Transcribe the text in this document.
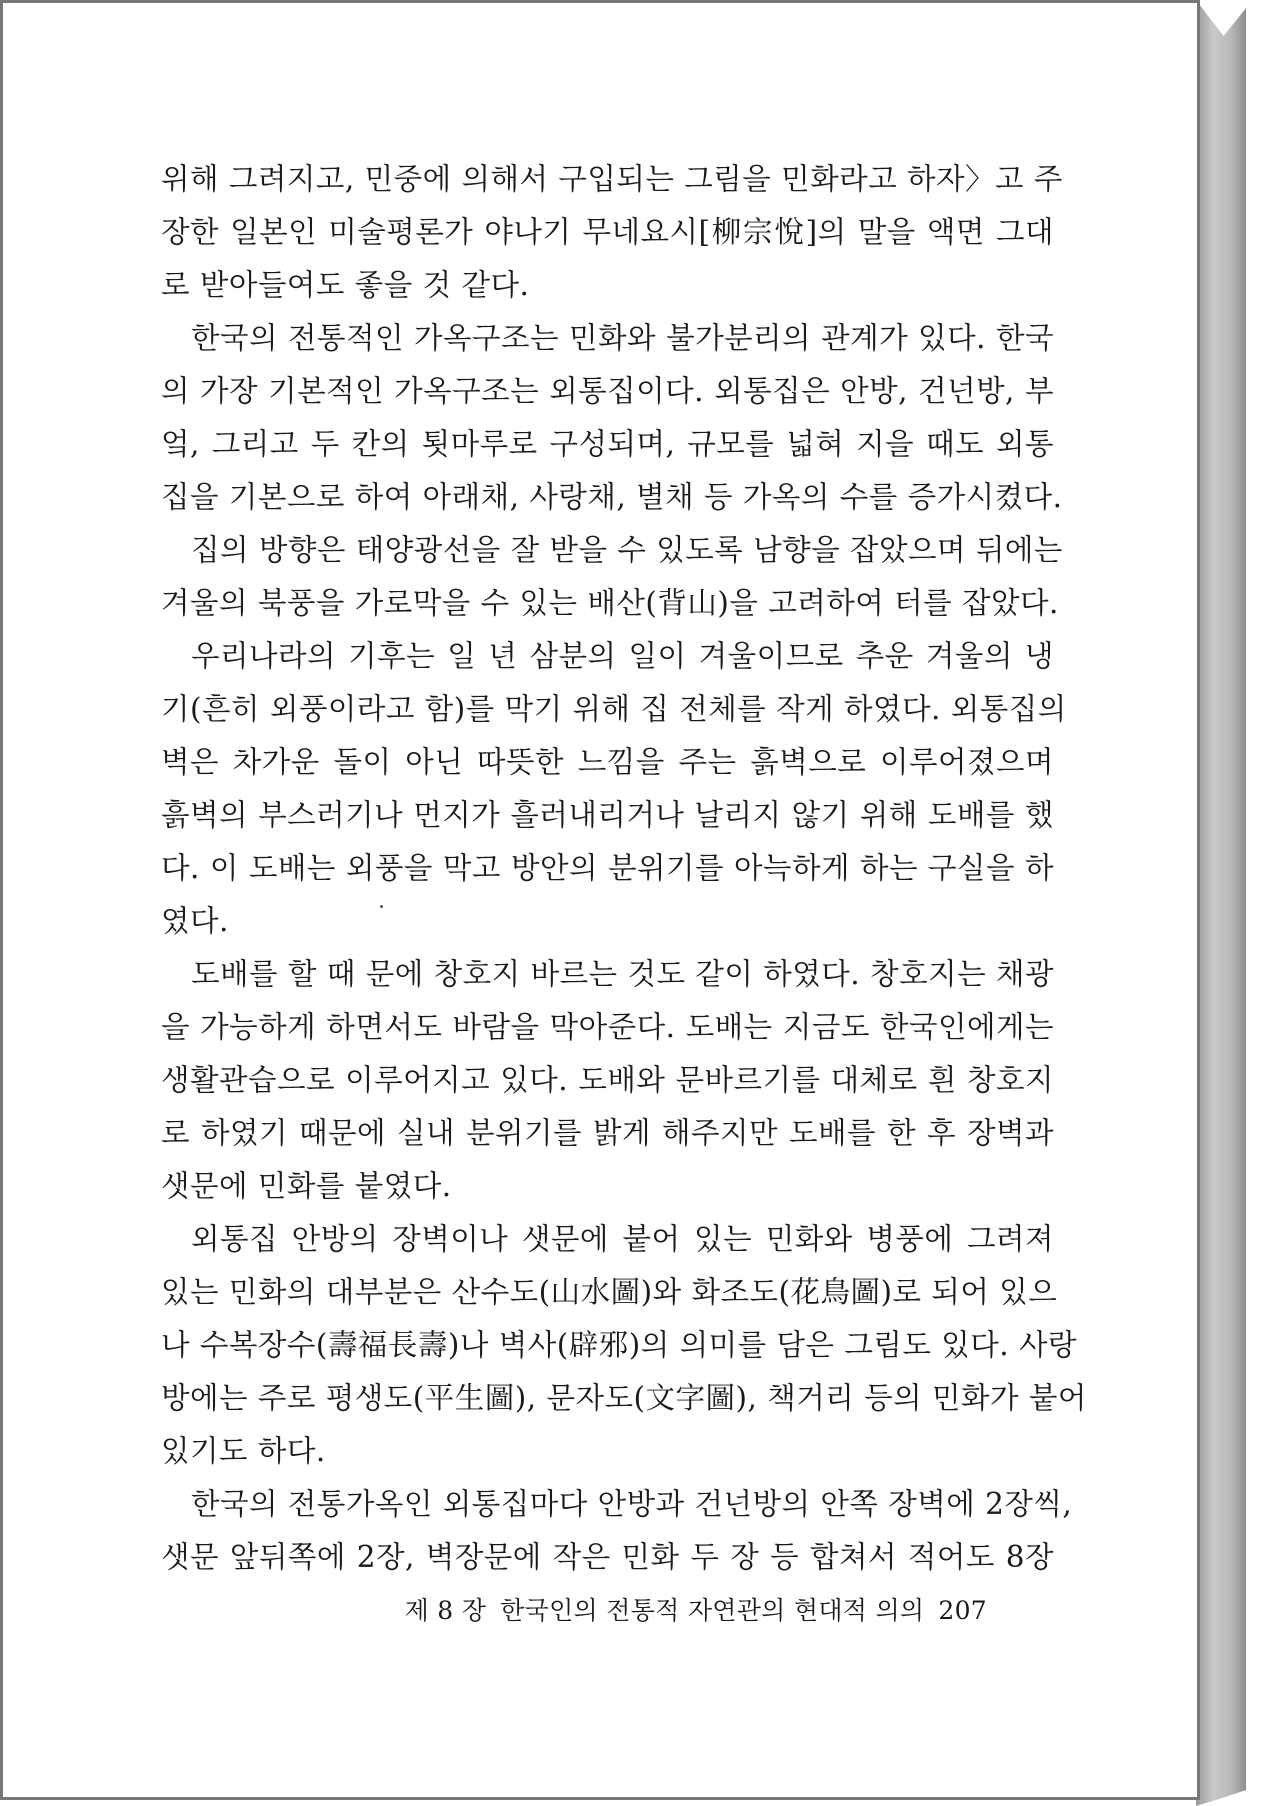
위해 그려지고, 민중에 의해서 구입되는 그림을 민화라고 하자〉고 주
장한 일본인 미술평론가 야나기 무네요시[柳宗悅]의 말을 액면 그대
로 받아들여도 좋을 것 같다.
한국의 전통적인 가옥구조는 민화와 불가분리의 관계가 있다. 한국
의 가장 기본적인 가옥구조는 외통집이다. 외통집은 안방, 건넌방, 부
엌, 그리고 두 칸의 툇마루로 구성되며, 규모를 넓혀 지을 때도 외통
집을 기본으로 하여 아래채, 사랑채, 별채 등 가옥의 수를 증가시켰다.
집의 방향은 태양광선을 잘 받을 수 있도록 남향을 잡았으며 뒤에는
겨울의 북풍을 가로막을 수 있는 배산(背山)을 고려하여 터를 잡았다.
우리나라의 기후는 일 년 삼분의 일이 겨울이므로 추운 겨울의 냉
기(흔히 외풍이라고 함)를 막기 위해 집 전체를 작게 하였다. 외통집의
벽은 차가운 돌이 아닌 따뜻한 느낌을 주는 흙벽으로 이루어졌으며
흙벽의 부스러기나 먼지가 흘러내리거나 날리지 않기 위해 도배를 했
다. 이 도배는 외풍을 막고 방안의 분위기를 아늑하게 하는 구실을 하
였다.
도배를 할 때 문에 창호지 바르는 것도 같이 하였다. 창호지는 채광
을 가능하게 하면서도 바람을 막아준다. 도배는 지금도 한국인에게는
생활관습으로 이루어지고 있다. 도배와 문바르기를 대체로 흰 창호지
로 하였기 때문에 실내 분위기를 밝게 해주지만 도배를 한 후 장벽과
샛문에 민화를 붙였다.
외통집 안방의 장벽이나 샛문에 붙어 있는 민화와 병풍에 그려져
있는 민화의 대부분은 산수도(山水圖)와 화조도(花鳥圖)로 되어 있으
나 수복장수(壽福長壽)나 벽사(辟邪)의 의미를 담은 그림도 있다. 사랑
방에는 주로 평생도(平生圖), 문자도(文字圖), 책거리 등의 민화가 붙어
있기도 하다.
한국의 전통가옥인 외통집마다 안방과 건넌방의 안쪽 장벽에 2장씩,
샛문 앞뒤쪽에 2장, 벽장문에 작은 민화 두 장 등 합쳐서 적어도 8장
제 8 장 한국인의 전통적 자연관의 현대적 의의 207
